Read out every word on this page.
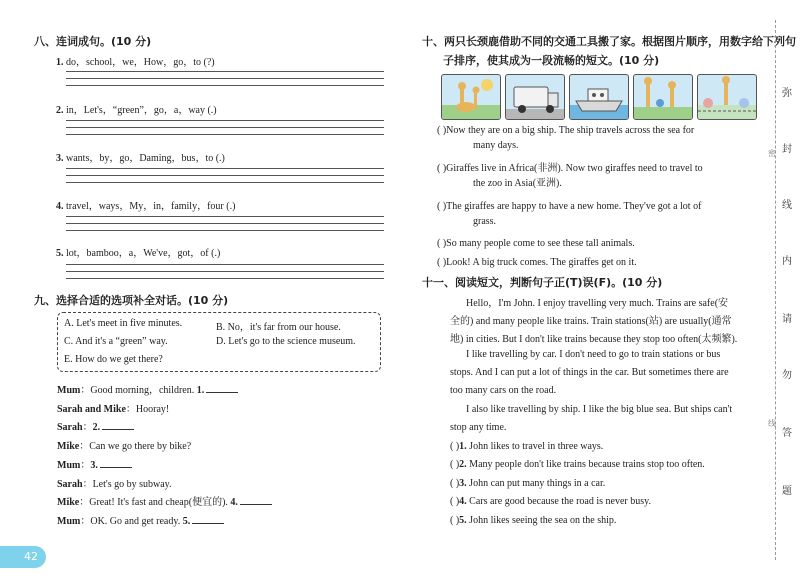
八、连词成句。(10 分)
1. do，school，we，How，go，to (?)
2. in，Let's，“green”，go，a，way (.)
3. wants，by，go，Daming，bus，to (.)
4. travel，ways，My，in，family，four (.)
5. lot，bamboo，a，We've，got，of (.)
九、选择合适的选项补全对话。(10 分)
A. Let's meet in five minutes.	B. No，it's far from our house.
C. And it's a “green” way.	D. Let's go to the science museum.
E. How do we get there?
Mum：Good morning，children. 1.
Sarah and Mike：Hooray!
Sarah：2.
Mike：Can we go there by bike?
Mum：3.
Sarah：Let's go by subway.
Mike：Great! It's fast and cheap(便宜的). 4.
Mum：OK. Go and get ready. 5.
42
十、两只长颈鹿借助不同的交通工具搬了家。根据图片顺序，用数字给下列句
子排序，使其成为一段流畅的短文。(10 分)
( )Now they are on a big ship. The ship travels across the sea for
many days.
( )Giraffes live in Africa(非洲). Now two giraffes need to travel to
the zoo in Asia(亚洲).
( )The giraffes are happy to have a new home. They've got a lot of
grass.
( )So many people come to see these tall animals.
( )Look! A big truck comes. The giraffes get on it.
十一、阅读短文，判断句子正(T)误(F)。(10 分)
Hello，I'm John. I enjoy travelling very much. Trains are safe(安
全的) and many people like trains. Train stations(站) are usually(通常
地) in cities. But I don't like trains because they stop too often(太频繁).
I like travelling by car. I don't need to go to train stations or bus
stops. And I can put a lot of things in the car. But sometimes there are
too many cars on the road.
I also like travelling by ship. I like the big blue sea. But ships can't
stop any time.
( )1. John likes to travel in three ways.
( )2. Many people don't like trains because trains stop too often.
( )3. John can put many things in a car.
( )4. Cars are good because the road is never busy.
( )5. John likes seeing the sea on the ship.
密
线
弥
封
线
内
请
勿
答
题
